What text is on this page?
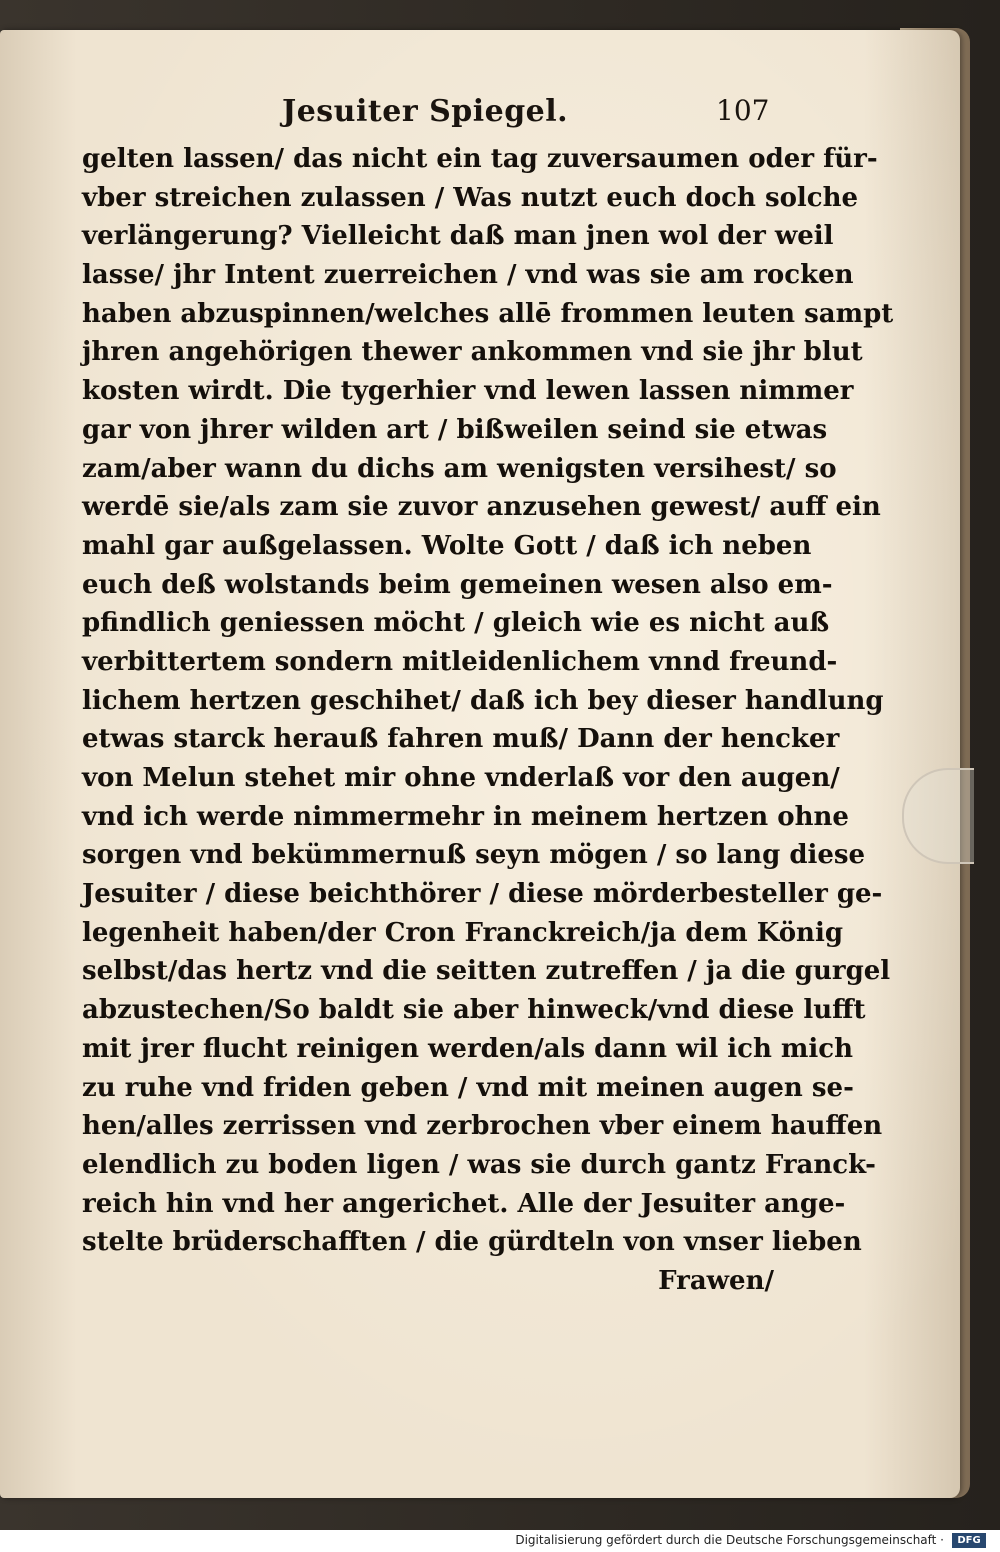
Jesuiter Spiegel.	107
gelten lassen/ das nicht ein tag zuversaumen oder für-
vber streichen zulassen / Was nutzt euch doch solche
verlängerung? Vielleicht daß man jnen wol der weil
lasse/ jhr Intent zuerreichen / vnd was sie am rocken
haben abzuspinnen/welches allē frommen leuten sampt
jhren angehörigen thewer ankommen vnd sie jhr blut
kosten wirdt. Die tygerhier vnd lewen lassen nimmer
gar von jhrer wilden art / bißweilen seind sie etwas
zam/aber wann du dichs am wenigsten versihest/ so
werdē sie/als zam sie zuvor anzusehen gewest/ auff ein
mahl gar außgelassen. Wolte Gott / daß ich neben
euch deß wolstands beim gemeinen wesen also em-
pfindlich geniessen möcht / gleich wie es nicht auß
verbittertem sondern mitleidenlichem vnnd freund-
lichem hertzen geschihet/ daß ich bey dieser handlung
etwas starck herauß fahren muß/ Dann der hencker
von Melun stehet mir ohne vnderlaß vor den augen/
vnd ich werde nimmermehr in meinem hertzen ohne
sorgen vnd bekümmernuß seyn mögen / so lang diese
Jesuiter / diese beichthörer / diese mörderbesteller ge-
legenheit haben/der Cron Franckreich/ja dem König
selbst/das hertz vnd die seitten zutreffen / ja die gurgel
abzustechen/So baldt sie aber hinweck/vnd diese lufft
mit jrer flucht reinigen werden/als dann wil ich mich
zu ruhe vnd friden geben / vnd mit meinen augen se-
hen/alles zerrissen vnd zerbrochen vber einem hauffen
elendlich zu boden ligen / was sie durch gantz Franck-
reich hin vnd her angerichet. Alle der Jesuiter ange-
stelte brüderschafften / die gürdteln von vnser lieben
Frawen/
Digitalisierung gefördert durch die Deutsche Forschungsgemeinschaft ·	DFG
